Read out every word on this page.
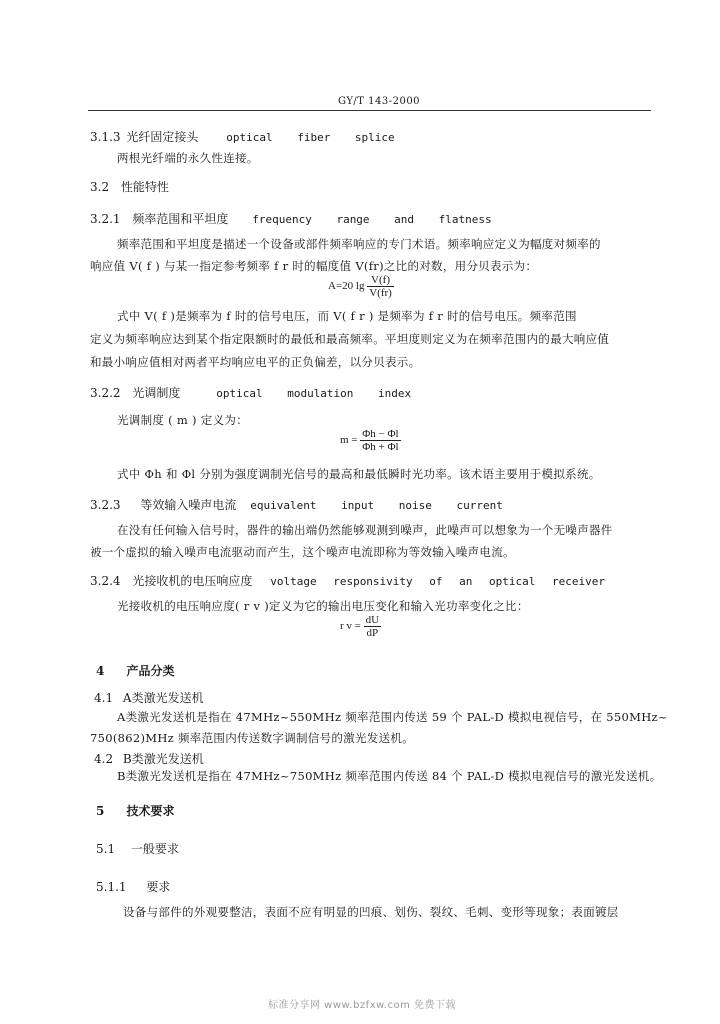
GY/T 143-2000
3.1.3 光纤固定接头	optical fiber splice
两根光纤端的永久性连接。
3.2 性能特性
3.2.1 频率范围和平坦度 frequency range and flatness
频率范围和平坦度是描述一个设备或部件频率响应的专门术语。频率响应定义为幅度对频率的
响应值 V( f ) 与某一指定参考频率 f r 时的幅度值 V(fr)之比的对数，用分贝表示为：
A=20 $\lg \frac{V(f)}{V(fr)}$
式中 V( f )是频率为 f 时的信号电压，而 V( f r ) 是频率为 f r 时的信号电压。频率范围
定义为频率响应达到某个指定限额时的最低和最高频率。平坦度则定义为在频率范围内的最大响应值
和最小响应值相对两者平均响应电平的正负偏差，以分贝表示。
3.2.2 光调制度	optical modulation index
光调制度 ( m ) 定义为：
$m = \frac{\Phi h - \Phi l}{\Phi h + \Phi l}$
式中 Φh 和 Φl 分别为强度调制光信号的最高和最低瞬时光功率。该术语主要用于模拟系统。
3.2.3 等效输入噪声电流 equivalent input noise current
在没有任何输入信号时，器件的输出端仍然能够观测到噪声，此噪声可以想象为一个无噪声器件
被一个虚拟的输入噪声电流驱动而产生，这个噪声电流即称为等效输入噪声电流。
3.2.4 光接收机的电压响应度 voltage responsivity of an optical receiver
光接收机的电压响应度( r v )定义为它的输出电压变化和输入光功率变化之比：
r $v = \frac{dU}{dP}$
4 产品分类
4.1 A类激光发送机
A类激光发送机是指在 47MHz~550MHz 频率范围内传送 59 个 PAL-D 模拟电视信号，在 550MHz~
750(862)MHz 频率范围内传送数字调制信号的激光发送机。
4.2 B类激光发送机
B类激光发送机是指在 47MHz~750MHz 频率范围内传送 84 个 PAL-D 模拟电视信号的激光发送机。
5 技术要求
5.1 一般要求
5.1.1 要求
设备与部件的外观要整洁，表面不应有明显的凹痕、划伤、裂纹、毛刺、变形等现象；表面镀层
标准分享网 www.bzfxw.com 免费下载
